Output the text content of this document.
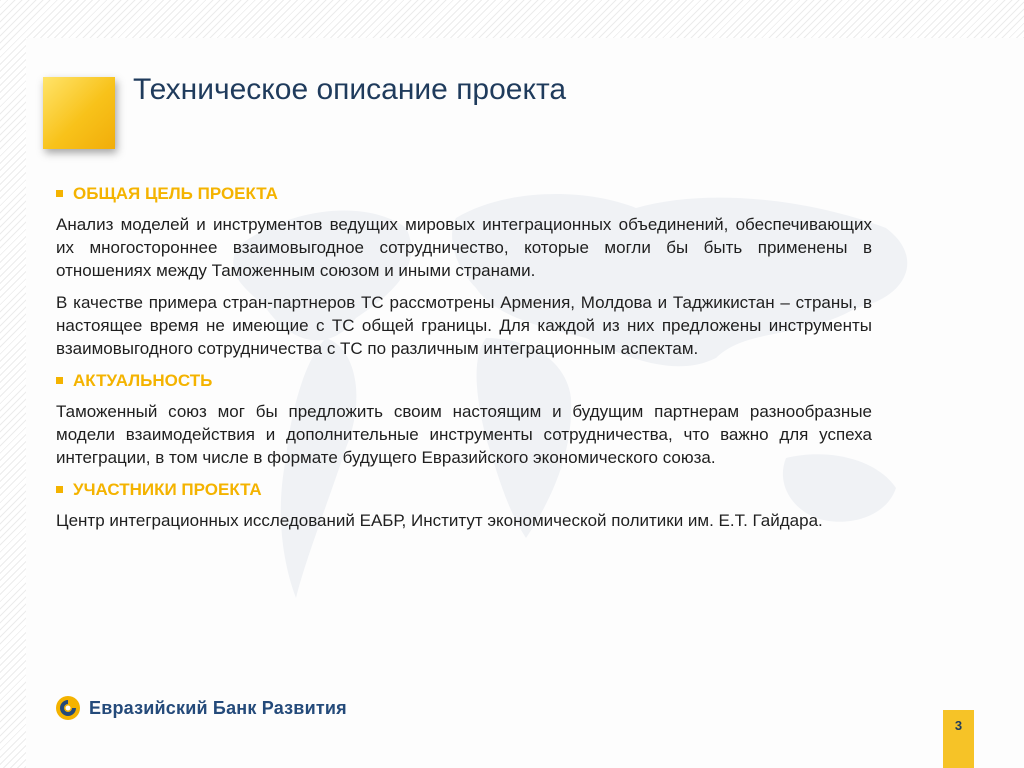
Техническое описание проекта
ОБЩАЯ ЦЕЛЬ ПРОЕКТА

Анализ моделей и инструментов ведущих мировых интеграционных объединений, обеспечивающих их многостороннее взаимовыгодное сотрудничество, которые могли бы быть применены в отношениях между Таможенным союзом и иными странами.

В качестве примера стран-партнеров ТС рассмотрены Армения, Молдова и Таджикистан – страны, в настоящее время не имеющие с ТС общей границы. Для каждой из них предложены инструменты взаимовыгодного сотрудничества с ТС по различным интеграционным аспектам.

АКТУАЛЬНОСТЬ

Таможенный союз мог бы предложить своим настоящим и будущим партнерам разнообразные модели взаимодействия и дополнительные инструменты сотрудничества, что важно для успеха интеграции, в том числе в формате будущего Евразийского экономического союза.

УЧАСТНИКИ ПРОЕКТА

Центр интеграционных исследований ЕАБР, Институт экономической политики им. Е.Т. Гайдара.

Евразийский Банк Развития
3
